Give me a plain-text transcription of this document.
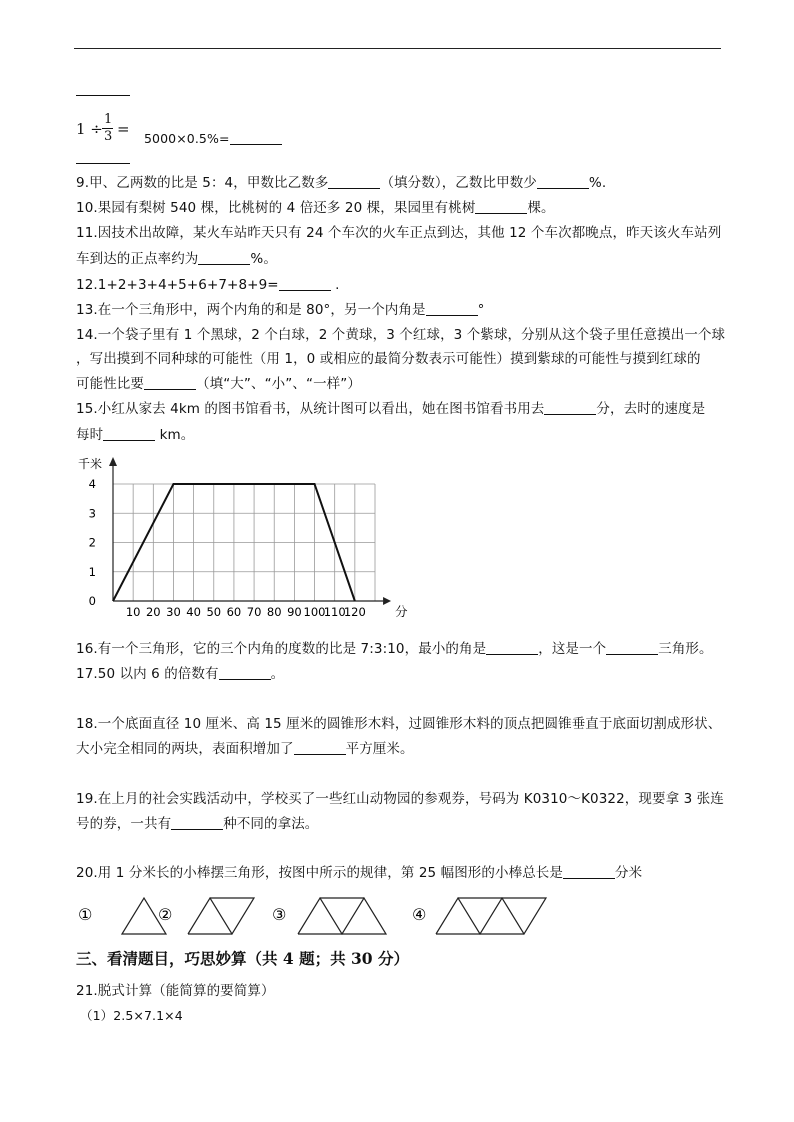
1 ÷
1
3 =
5000×0.5%=
9.甲、乙两数的比是 5：4，甲数比乙数多	（填分数），乙数比甲数少	%.
10.果园有梨树 540 棵，比桃树的 4 倍还多 20 棵，果园里有桃树	棵。
11.因技术出故障，某火车站昨天只有 24 个车次的火车正点到达，其他 12 个车次都晚点，昨天该火车站列
车到达的正点率约为	%。
12.1+2+3+4+5+6+7+8+9=	.
13.在一个三角形中，两个内角的和是 80°，另一个内角是	°
14.一个袋子里有 1 个黑球，2 个白球，2 个黄球，3 个红球，3 个紫球，分别从这个袋子里任意摸出一个球
，写出摸到不同种球的可能性（用 1，0 或相应的最简分数表示可能性）摸到紫球的可能性与摸到红球的
可能性比要	（填“大”、“小”、“一样”）
15.小红从家去 4km 的图书馆看书，从统计图可以看出，她在图书馆看书用去	分，去时的速度是
每时	km。
10 20 30 40 50 60 70 80 90 100
110
120
0
1
2
3
4
千米
分
16.有一个三角形，它的三个内角的度数的比是 7:3:10，最小的角是	，这是一个	三角形。
17.50 以内 6 的倍数有	。
18.一个底面直径 10 厘米、高 15 厘米的圆锥形木料，过圆锥形木料的顶点把圆锥垂直于底面切割成形状、
大小完全相同的两块，表面积增加了	平方厘米。
19.在上月的社会实践活动中，学校买了一些红山动物园的参观券，号码为 K0310～K0322，现要拿 3 张连
号的券，一共有	种不同的拿法。
20.用 1 分米长的小棒摆三角形，按图中所示的规律，第 25 幅图形的小棒总长是	分米
①	②	③	④
三、看清题目，巧思妙算（共 4 题；共 30 分）
21.脱式计算（能简算的要简算）
（1）2.5×7.1×4
